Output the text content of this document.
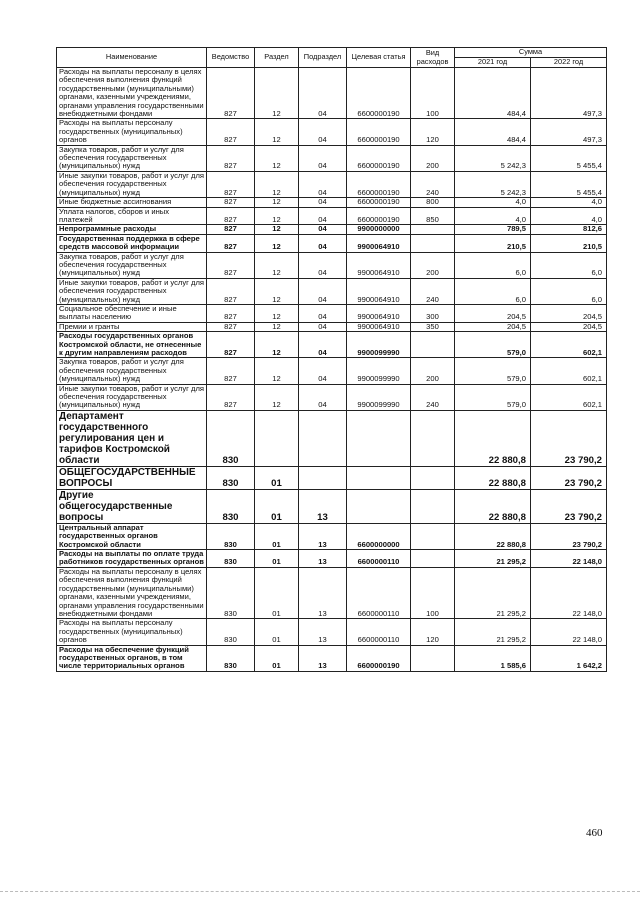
Наименование	Ведомство	Раздел	Подраздел	Целевая статья	Вид расходов	Сумма	
						2021 год	2022 год
Расходы на выплаты персоналу в целях обеспечения выполнения функций государственными (муниципальными) органами, казенными учреждениями, органами управления государственными внебюджетными фондами	827	12	04	6600000190	100	484,4	497,3
Расходы на выплаты персоналу государственных (муниципальных) органов	827	12	04	6600000190	120	484,4	497,3
Закупка товаров, работ и услуг для обеспечения государственных (муниципальных) нужд	827	12	04	6600000190	200	5 242,3	5 455,4
Иные закупки товаров, работ и услуг для обеспечения государственных (муниципальных) нужд	827	12	04	6600000190	240	5 242,3	5 455,4
Иные бюджетные ассигнования	827	12	04	6600000190	800	4,0	4,0
Уплата налогов, сборов и иных платежей	827	12	04	6600000190	850	4,0	4,0
Непрограммные расходы	827	12	04	9900000000		789,5	812,6
Государственная поддержка в сфере средств массовой информации	827	12	04	9900064910		210,5	210,5
Закупка товаров, работ и услуг для обеспечения государственных (муниципальных) нужд	827	12	04	9900064910	200	6,0	6,0
Иные закупки товаров, работ и услуг для обеспечения государственных (муниципальных) нужд	827	12	04	9900064910	240	6,0	6,0
Социальное обеспечение и иные выплаты населению	827	12	04	9900064910	300	204,5	204,5
Премии и гранты	827	12	04	9900064910	350	204,5	204,5
Расходы государственных органов Костромской области, не отнесенные к другим направлениям расходов	827	12	04	9900099990		579,0	602,1
Закупка товаров, работ и услуг для обеспечения государственных (муниципальных) нужд	827	12	04	9900099990	200	579,0	602,1
Иные закупки товаров, работ и услуг для обеспечения государственных (муниципальных) нужд	827	12	04	9900099990	240	579,0	602,1
Департамент государственного регулирования цен и тарифов Костромской области	830					22 880,8	23 790,2
ОБЩЕГОСУДАРСТВЕННЫЕ ВОПРОСЫ	830	01				22 880,8	23 790,2
Другие общегосударственные вопросы	830	01	13			22 880,8	23 790,2
Центральный аппарат государственных органов Костромской области	830	01	13	6600000000		22 880,8	23 790,2
Расходы на выплаты по оплате труда работников государственных органов	830	01	13	6600000110		21 295,2	22 148,0
Расходы на выплаты персоналу в целях обеспечения выполнения функций государственными (муниципальными) органами, казенными учреждениями, органами управления государственными внебюджетными фондами	830	01	13	6600000110	100	21 295,2	22 148,0
Расходы на выплаты персоналу государственных (муниципальных) органов	830	01	13	6600000110	120	21 295,2	22 148,0
Расходы на обеспечение функций государственных органов, в том числе территориальных органов	830	01	13	6600000190		1 585,6	1 642,2
460
